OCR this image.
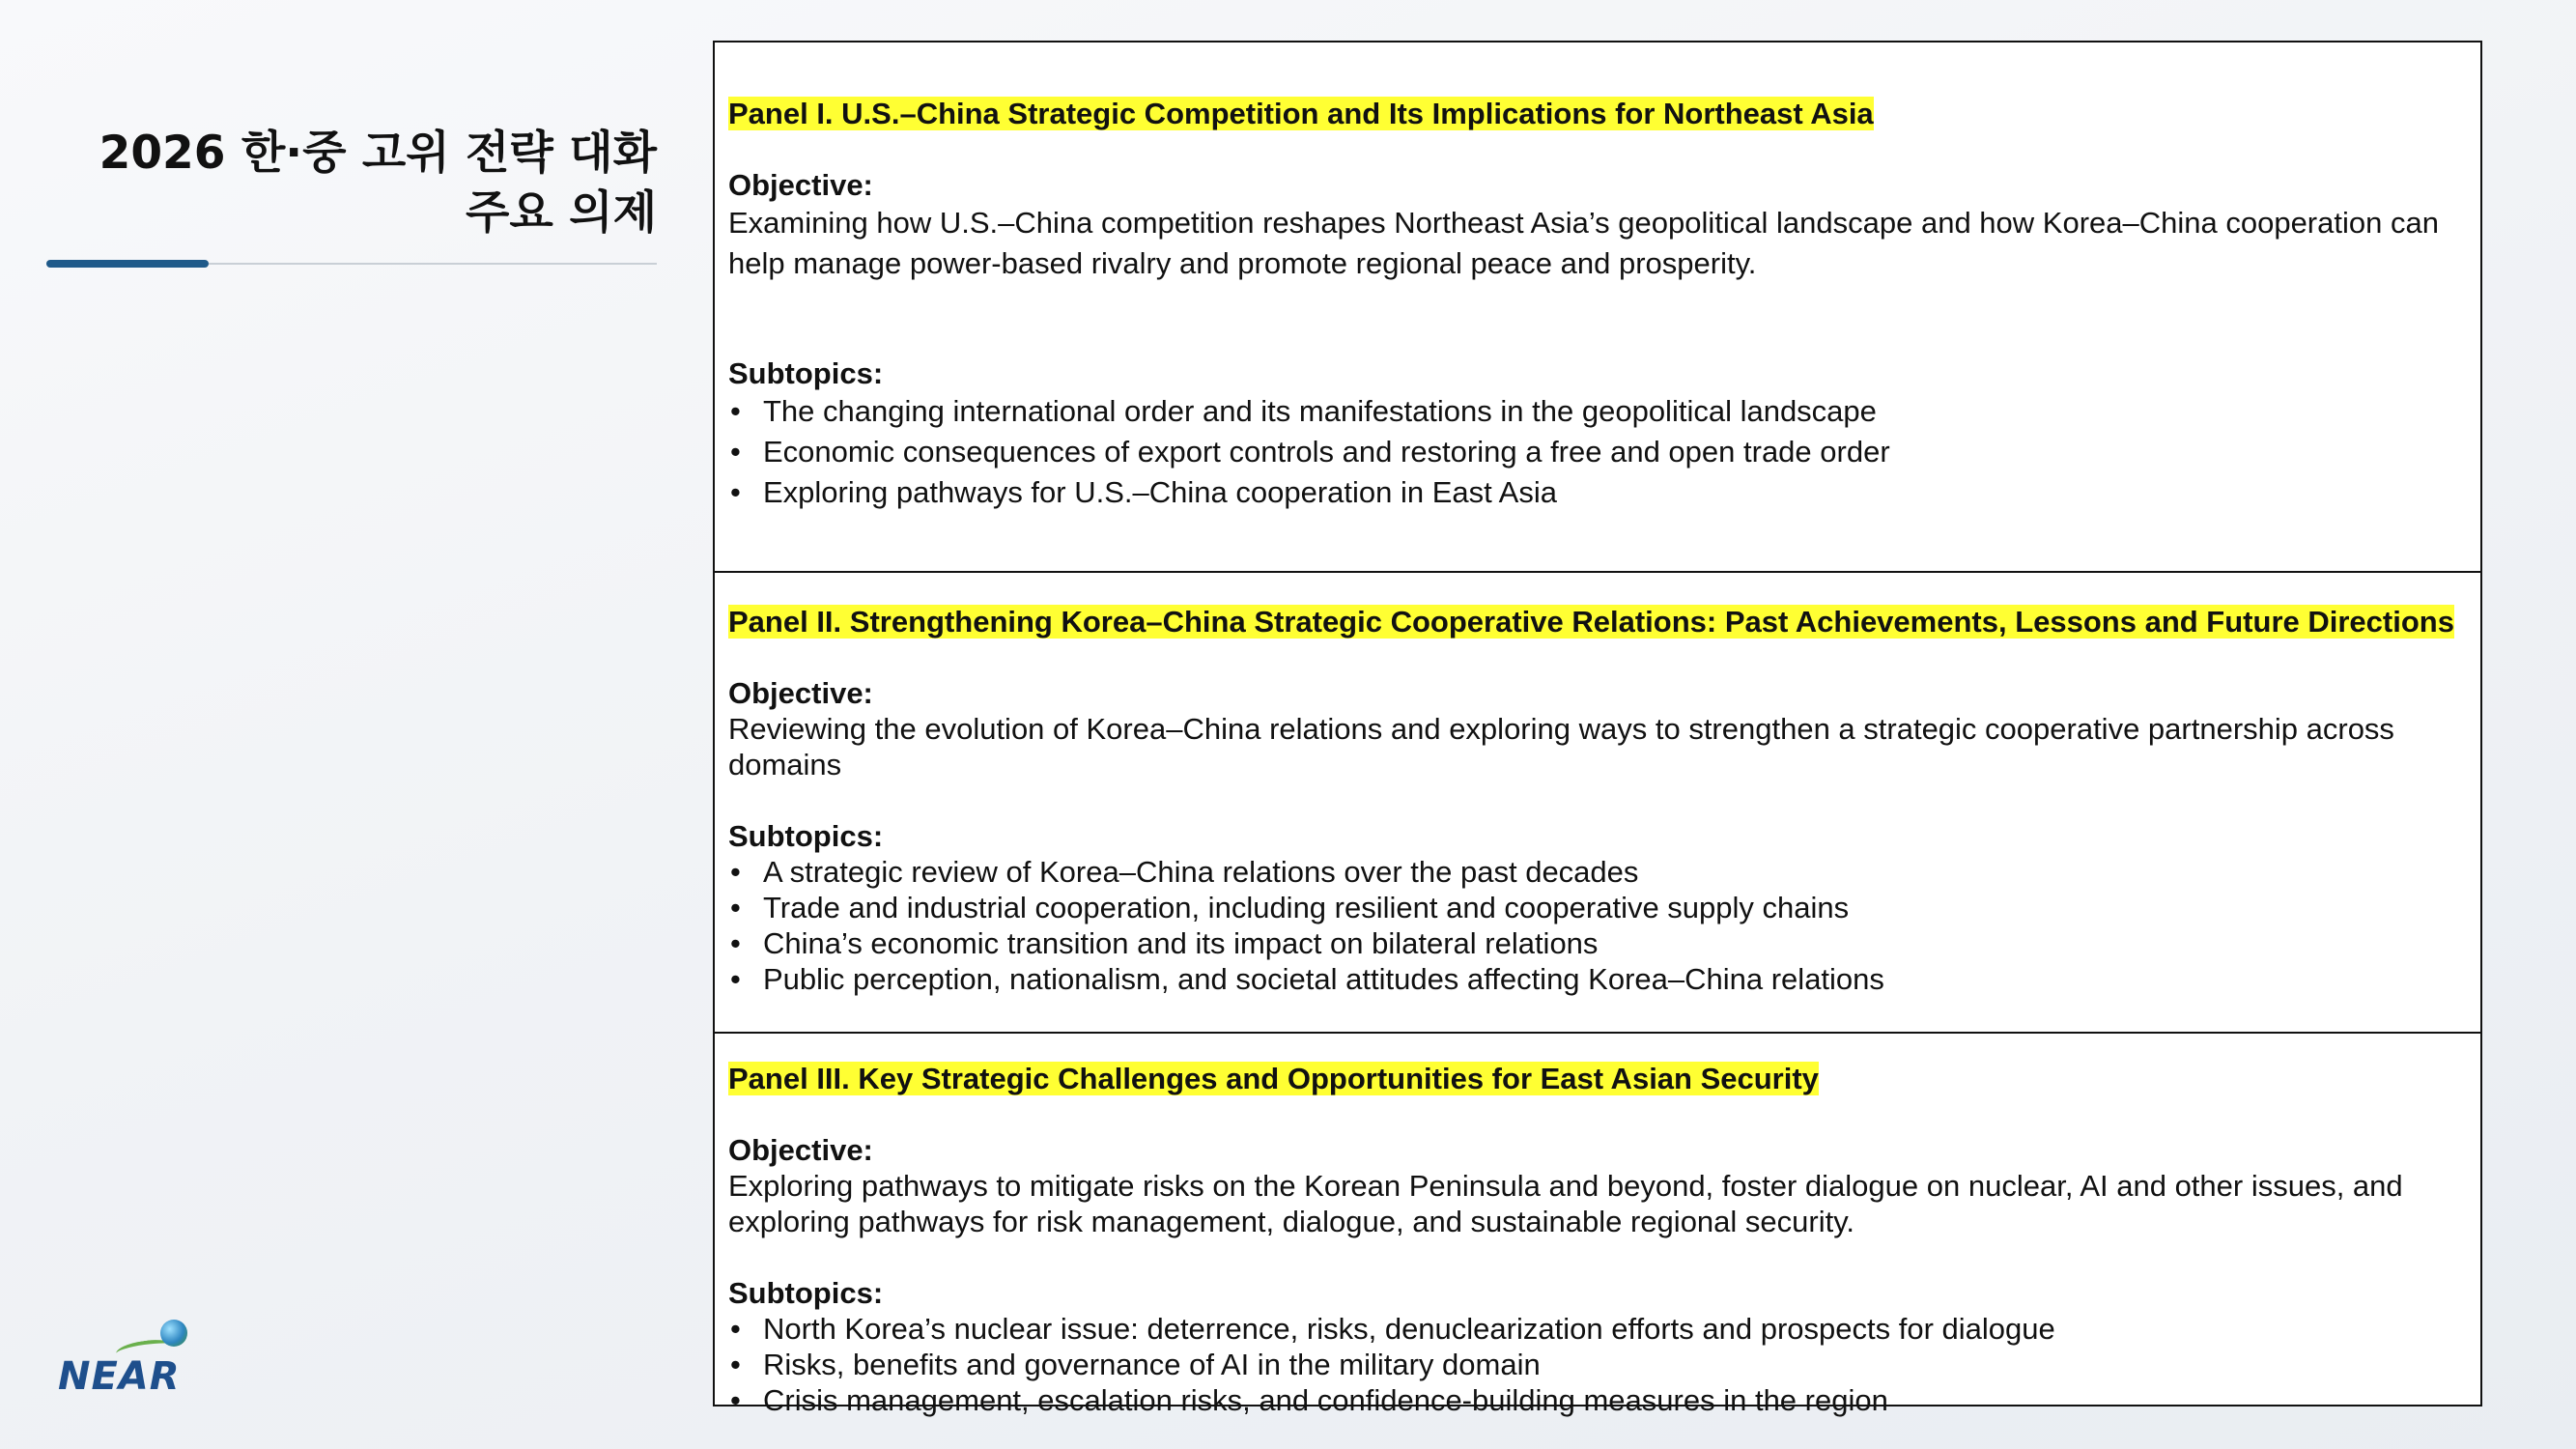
2026 한·중 고위 전략 대화
주요 의제
NEAR

Panel I. U.S.–China Strategic Competition and Its Implications for Northeast Asia

Objective:

Examining how U.S.–China competition reshapes Northeast Asia’s geopolitical landscape and how Korea–China cooperation can help manage power-based rivalry and promote regional peace and prosperity.

Subtopics:

• The changing international order and its manifestations in the geopolitical landscape
• Economic consequences of export controls and restoring a free and open trade order
• Exploring pathways for U.S.–China cooperation in East Asia

Panel II. Strengthening Korea–China Strategic Cooperative Relations: Past Achievements, Lessons and Future Directions

Objective:

Reviewing the evolution of Korea–China relations and exploring ways to strengthen a strategic cooperative partnership across domains

Subtopics:

• A strategic review of Korea–China relations over the past decades
• Trade and industrial cooperation, including resilient and cooperative supply chains
• China’s economic transition and its impact on bilateral relations
• Public perception, nationalism, and societal attitudes affecting Korea–China relations

Panel III. Key Strategic Challenges and Opportunities for East Asian Security

Objective:

Exploring pathways to mitigate risks on the Korean Peninsula and beyond, foster dialogue on nuclear, AI and other issues, and exploring pathways for risk management, dialogue, and sustainable regional security.

Subtopics:

• North Korea’s nuclear issue: deterrence, risks, denuclearization efforts and prospects for dialogue
• Risks, benefits and governance of AI in the military domain
• Crisis management, escalation risks, and confidence-building measures in the region
